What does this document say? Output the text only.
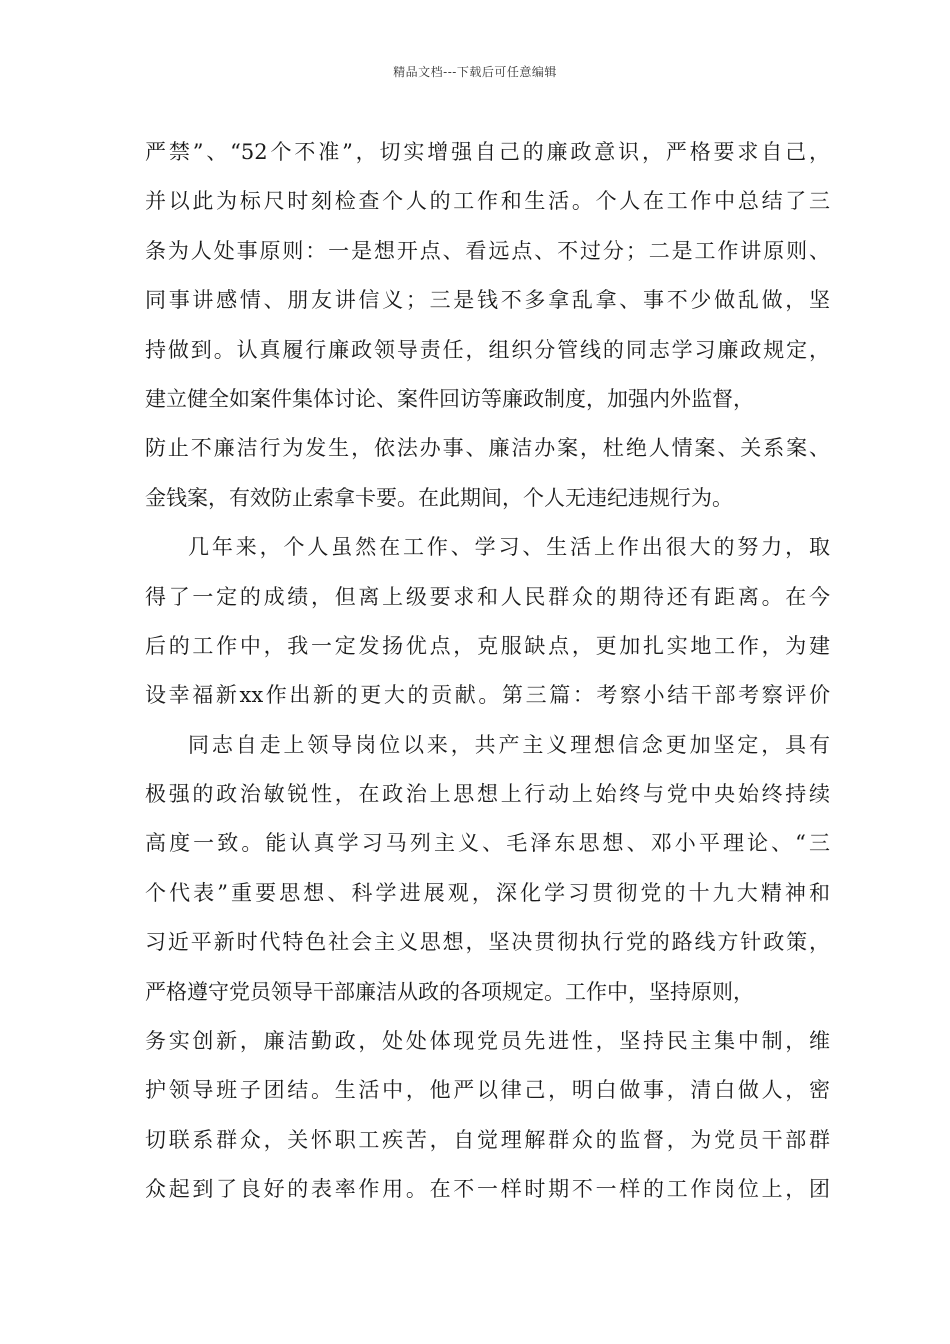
精品文档---下载后可任意编辑
严禁”、“52个不准”，切实增强自己的廉政意识，严格要求自己，
并以此为标尺时刻检查个人的工作和生活。个人在工作中总结了三
条为人处事原则：一是想开点、看远点、不过分；二是工作讲原则、
同事讲感情、朋友讲信义；三是钱不多拿乱拿、事不少做乱做，坚
持做到。认真履行廉政领导责任，组织分管线的同志学习廉政规定，
建立健全如案件集体讨论、案件回访等廉政制度，加强内外监督，
防止不廉洁行为发生，依法办事、廉洁办案，杜绝人情案、关系案、
金钱案，有效防止索拿卡要。在此期间，个人无违纪违规行为。
几年来，个人虽然在工作、学习、生活上作出很大的努力，取
得了一定的成绩，但离上级要求和人民群众的期待还有距离。在今
后的工作中，我一定发扬优点，克服缺点，更加扎实地工作，为建
设幸福新xx作出新的更大的贡献。第三篇：考察小结干部考察评价
同志自走上领导岗位以来，共产主义理想信念更加坚定，具有
极强的政治敏锐性，在政治上思想上行动上始终与党中央始终持续
高度一致。能认真学习马列主义、毛泽东思想、邓小平理论、“三
个代表”重要思想、科学进展观，深化学习贯彻党的十九大精神和
习近平新时代特色社会主义思想，坚决贯彻执行党的路线方针政策，
严格遵守党员领导干部廉洁从政的各项规定。工作中，坚持原则，
务实创新，廉洁勤政，处处体现党员先进性，坚持民主集中制，维
护领导班子团结。生活中，他严以律己，明白做事，清白做人，密
切联系群众，关怀职工疾苦，自觉理解群众的监督，为党员干部群
众起到了良好的表率作用。在不一样时期不一样的工作岗位上，团
